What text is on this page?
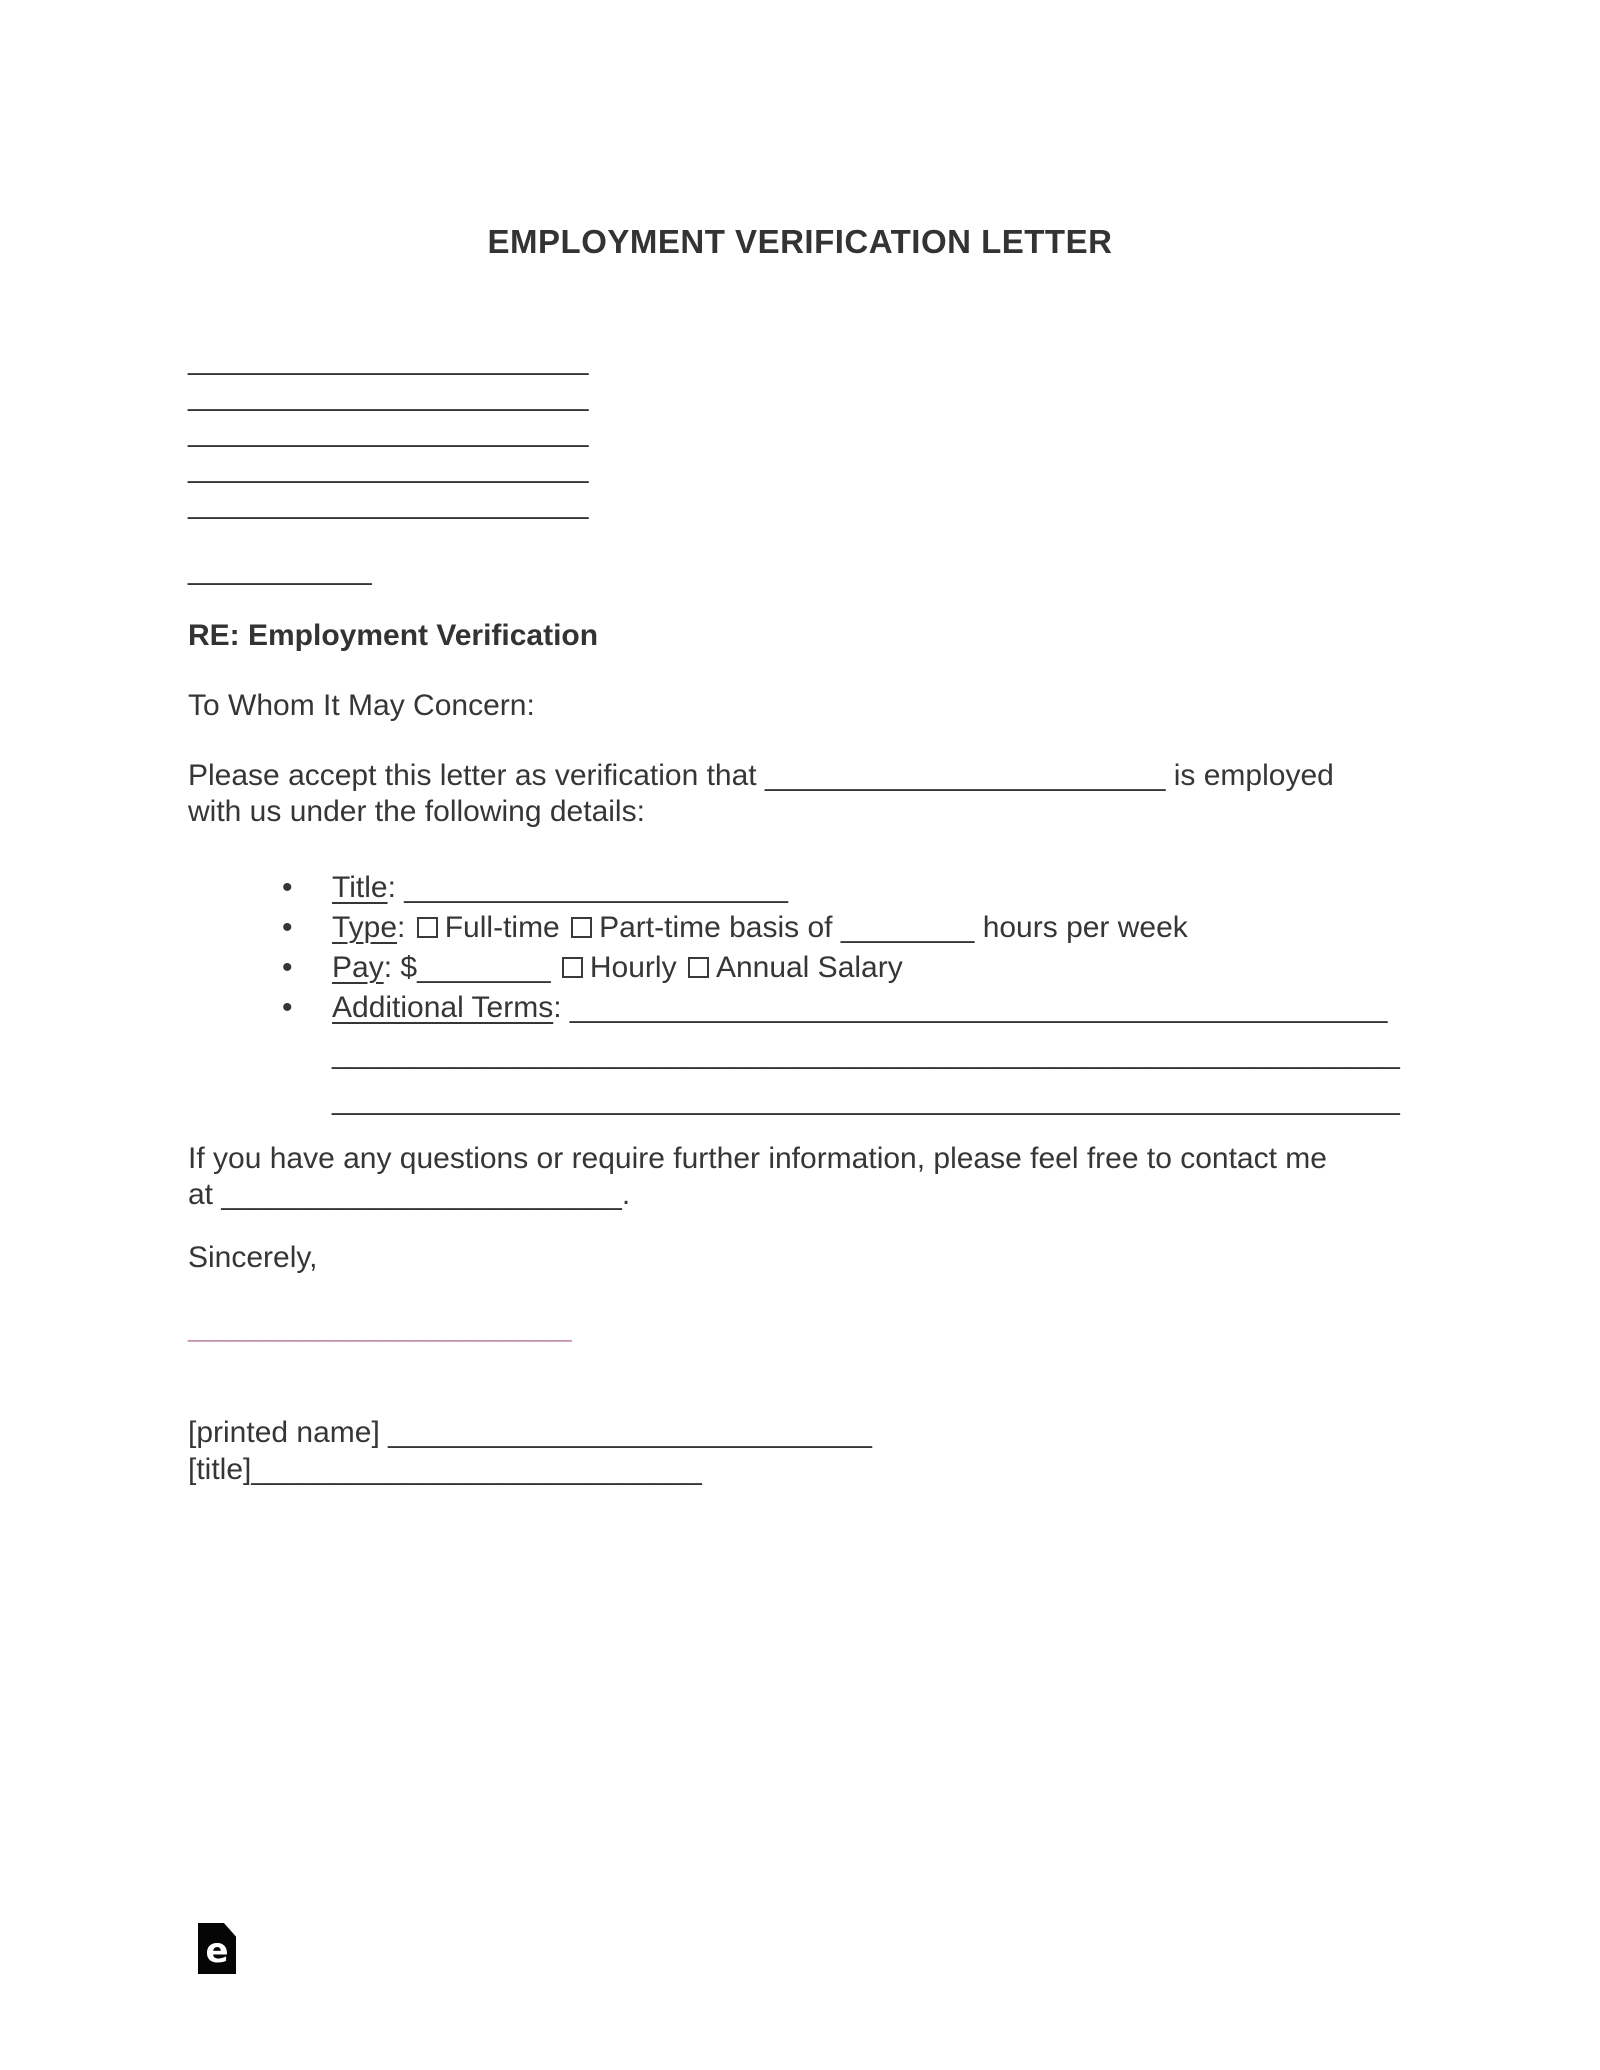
EMPLOYMENT VERIFICATION LETTER
________________________
________________________
________________________
________________________
________________________
___________

RE: Employment Verification

To Whom It May Concern:

Please accept this letter as verification that ________________________ is employed
with us under the following details:

•	Title: _______________________
•	Type: Full-time Part-time basis of ________ hours per week
•	Pay: $________ Hourly Annual Salary
•	Additional Terms: _________________________________________________
________________________________________________________________
________________________________________________________________

If you have any questions or require further information, please feel free to contact me
at ________________________.

Sincerely,

_______________________

[printed name] _____________________________
[title]___________________________

e
